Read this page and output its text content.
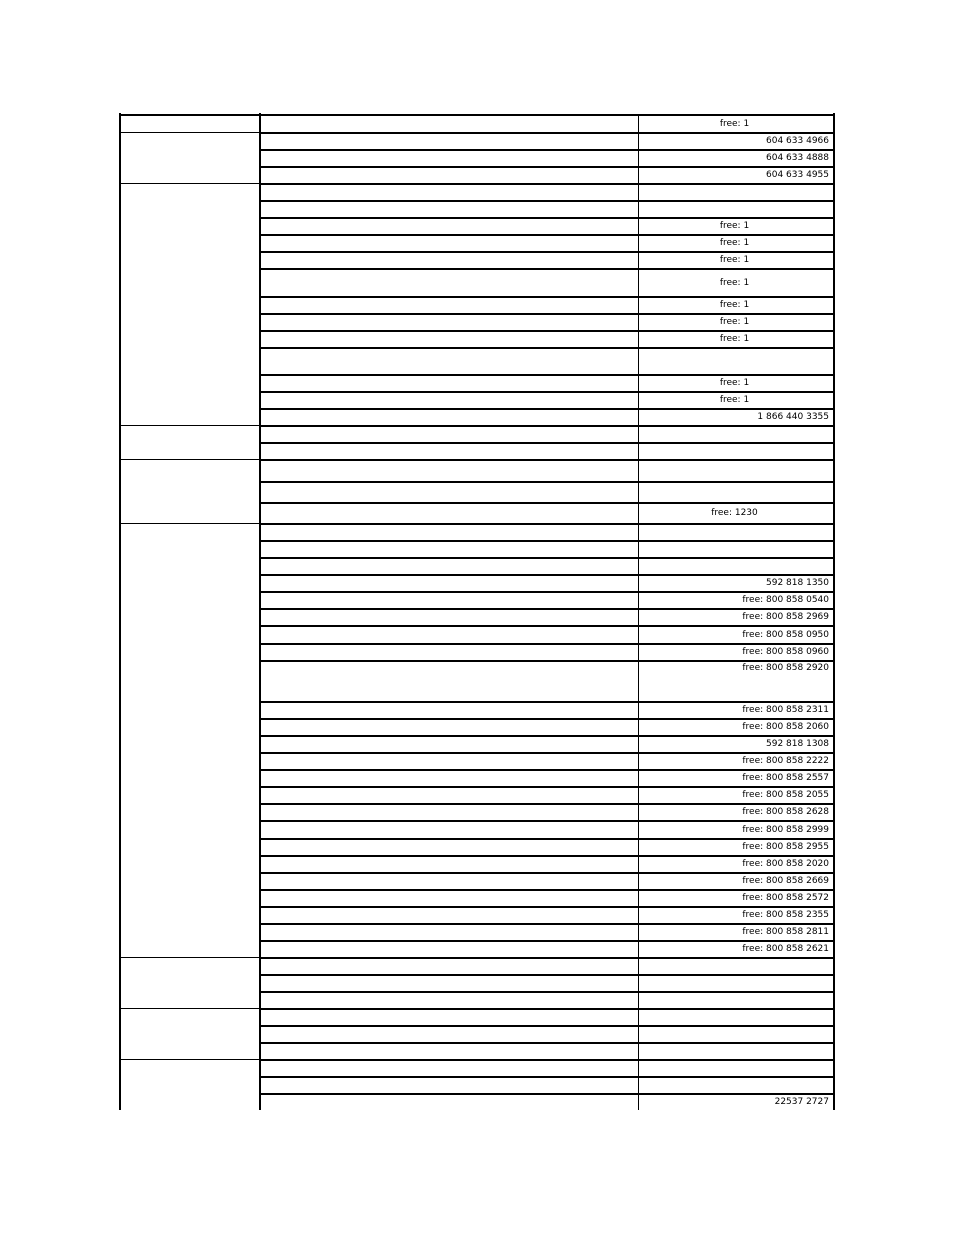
free: 1
604 633 4966
604 633 4888
604 633 4955
free: 1
free: 1
free: 1
free: 1
free: 1
free: 1
free: 1
free: 1
free: 1
1 866 440 3355
free: 1230
592 818 1350
free: 800 858 0540
free: 800 858 2969
free: 800 858 0950
free: 800 858 0960
free: 800 858 2920
free: 800 858 2311
free: 800 858 2060
592 818 1308
free: 800 858 2222
free: 800 858 2557
free: 800 858 2055
free: 800 858 2628
free: 800 858 2999
free: 800 858 2955
free: 800 858 2020
free: 800 858 2669
free: 800 858 2572
free: 800 858 2355
free: 800 858 2811
free: 800 858 2621
22537 2727
